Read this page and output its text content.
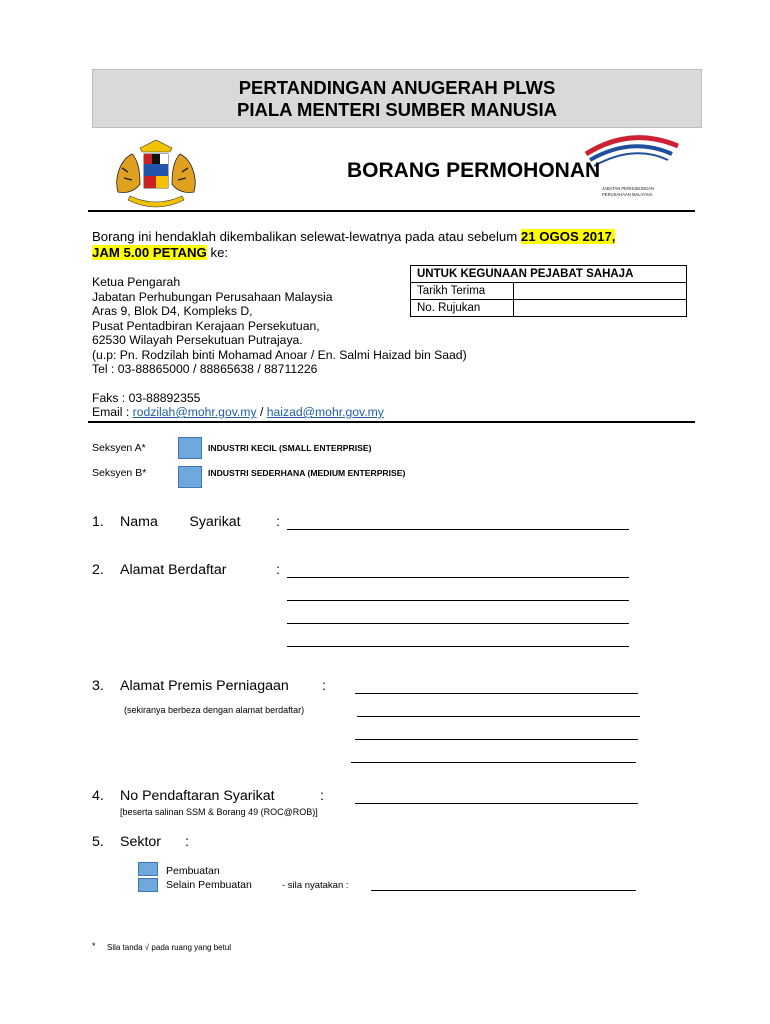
PERTANDINGAN ANUGERAH PLWS
PIALA MENTERI SUMBER MANUSIA
JABATAN PERHUBUNGAN
PERUSAHAAN MALAYSIA
BORANG PERMOHONAN
Borang ini hendaklah dikembalikan selewat-lewatnya pada atau sebelum 21 OGOS 2017,
JAM 5.00 PETANG ke:
UNTUK KEGUNAAN PEJABAT SAHAJA	
Tarikh Terima	
No. Rujukan	
Ketua Pengarah
Jabatan Perhubungan Perusahaan Malaysia
Aras 9, Blok D4, Kompleks D,
Pusat Pentadbiran Kerajaan Persekutuan,
62530 Wilayah Persekutuan Putrajaya.
(u.p: Pn. Rodzilah binti Mohamad Anoar / En. Salmi Haizad bin Saad)
Tel : 03-88865000 / 88865638 / 88711226
Faks : 03-88892355
Email : rodzilah@mohr.gov.my / haizad@mohr.gov.my
Seksyen A*	INDUSTRI KECIL (SMALL ENTERPRISE)
Seksyen B*	INDUSTRI SEDERHANA (MEDIUM ENTERPRISE)
1. Nama        Syarikat :
2. Alamat Berdaftar	:
3. Alamat Premis Perniagaan :
(sekiranya berbeza dengan alamat berdaftar)
4. No Pendaftaran Syarikat	:
[beserta salinan SSM & Borang 49 (ROC@ROB)]
5. Sektor :
Pembuatan
Selain Pembuatan	- sila nyatakan :
* Sila tanda √ pada ruang yang betul
